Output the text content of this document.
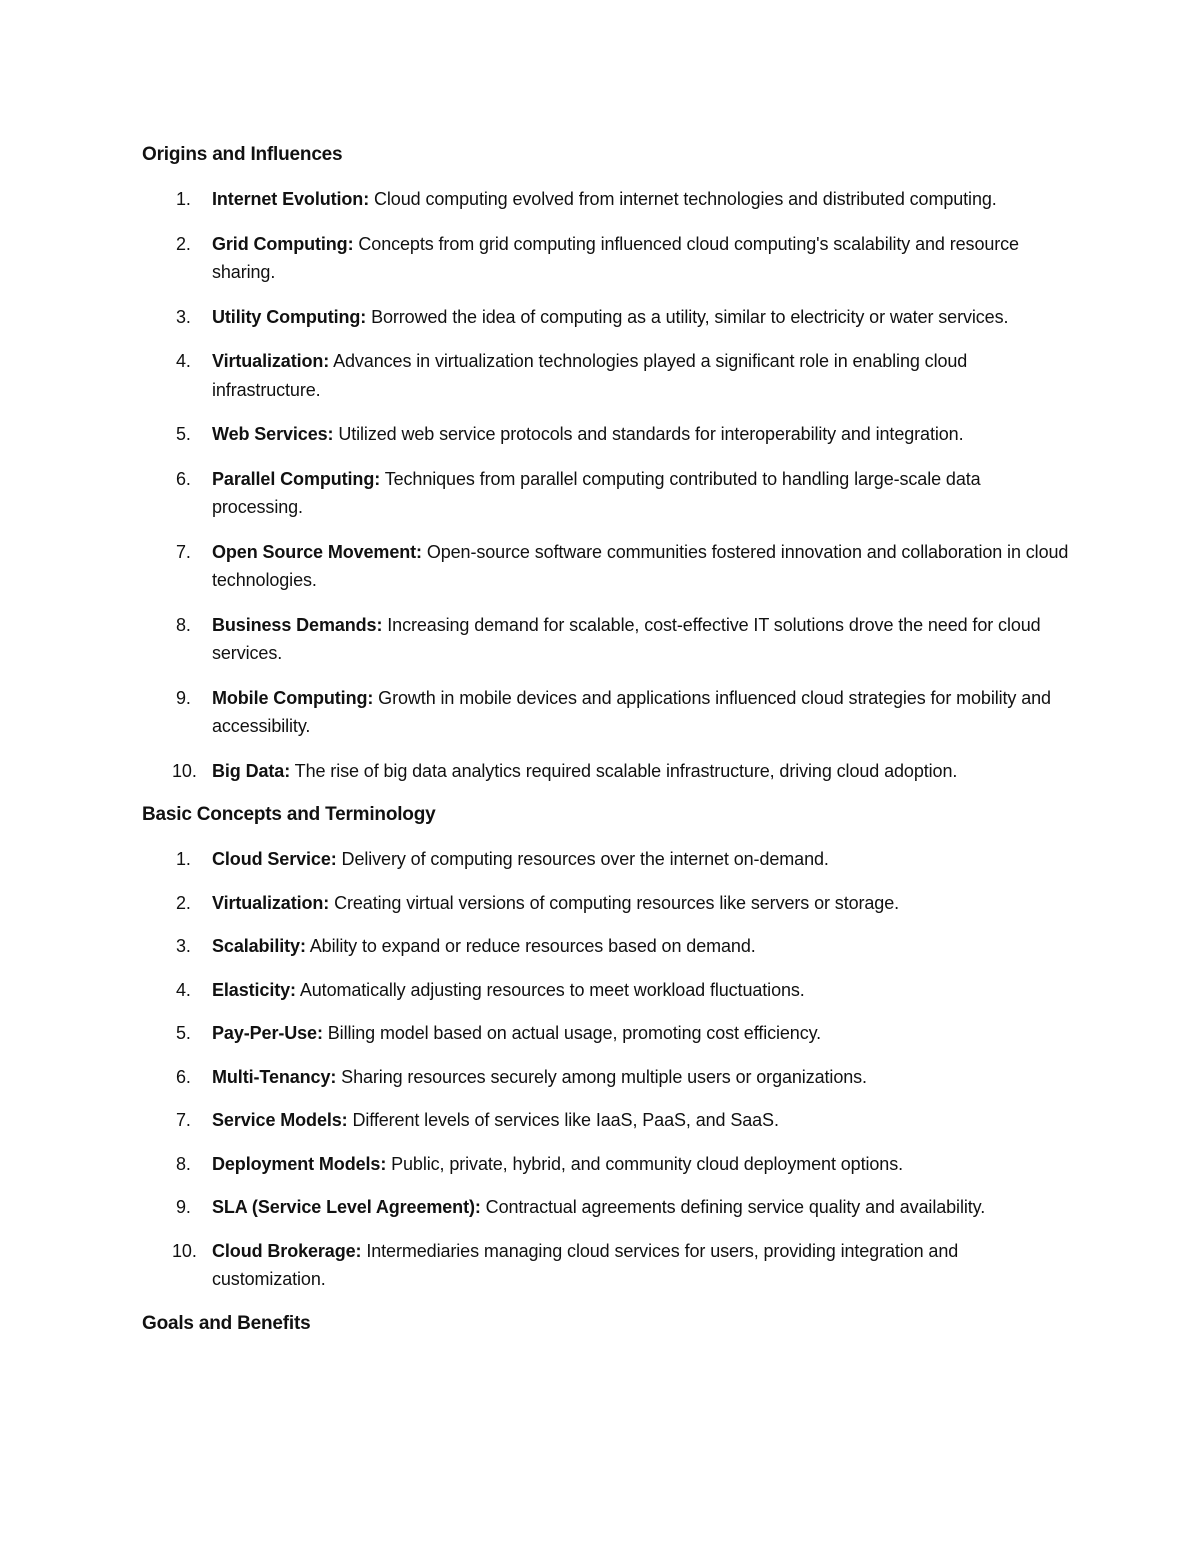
Origins and Influences

1. Internet Evolution: Cloud computing evolved from internet technologies and distributed computing.
2. Grid Computing: Concepts from grid computing influenced cloud computing's scalability and resource sharing.
3. Utility Computing: Borrowed the idea of computing as a utility, similar to electricity or water services.
4. Virtualization: Advances in virtualization technologies played a significant role in enabling cloud infrastructure.
5. Web Services: Utilized web service protocols and standards for interoperability and integration.
6. Parallel Computing: Techniques from parallel computing contributed to handling large-scale data processing.
7. Open Source Movement: Open-source software communities fostered innovation and collaboration in cloud technologies.
8. Business Demands: Increasing demand for scalable, cost-effective IT solutions drove the need for cloud services.
9. Mobile Computing: Growth in mobile devices and applications influenced cloud strategies for mobility and accessibility.
10. Big Data: The rise of big data analytics required scalable infrastructure, driving cloud adoption.

Basic Concepts and Terminology

1. Cloud Service: Delivery of computing resources over the internet on-demand.
2. Virtualization: Creating virtual versions of computing resources like servers or storage.
3. Scalability: Ability to expand or reduce resources based on demand.
4. Elasticity: Automatically adjusting resources to meet workload fluctuations.
5. Pay-Per-Use: Billing model based on actual usage, promoting cost efficiency.
6. Multi-Tenancy: Sharing resources securely among multiple users or organizations.
7. Service Models: Different levels of services like IaaS, PaaS, and SaaS.
8. Deployment Models: Public, private, hybrid, and community cloud deployment options.
9. SLA (Service Level Agreement): Contractual agreements defining service quality and availability.
10. Cloud Brokerage: Intermediaries managing cloud services for users, providing integration and customization.

Goals and Benefits
